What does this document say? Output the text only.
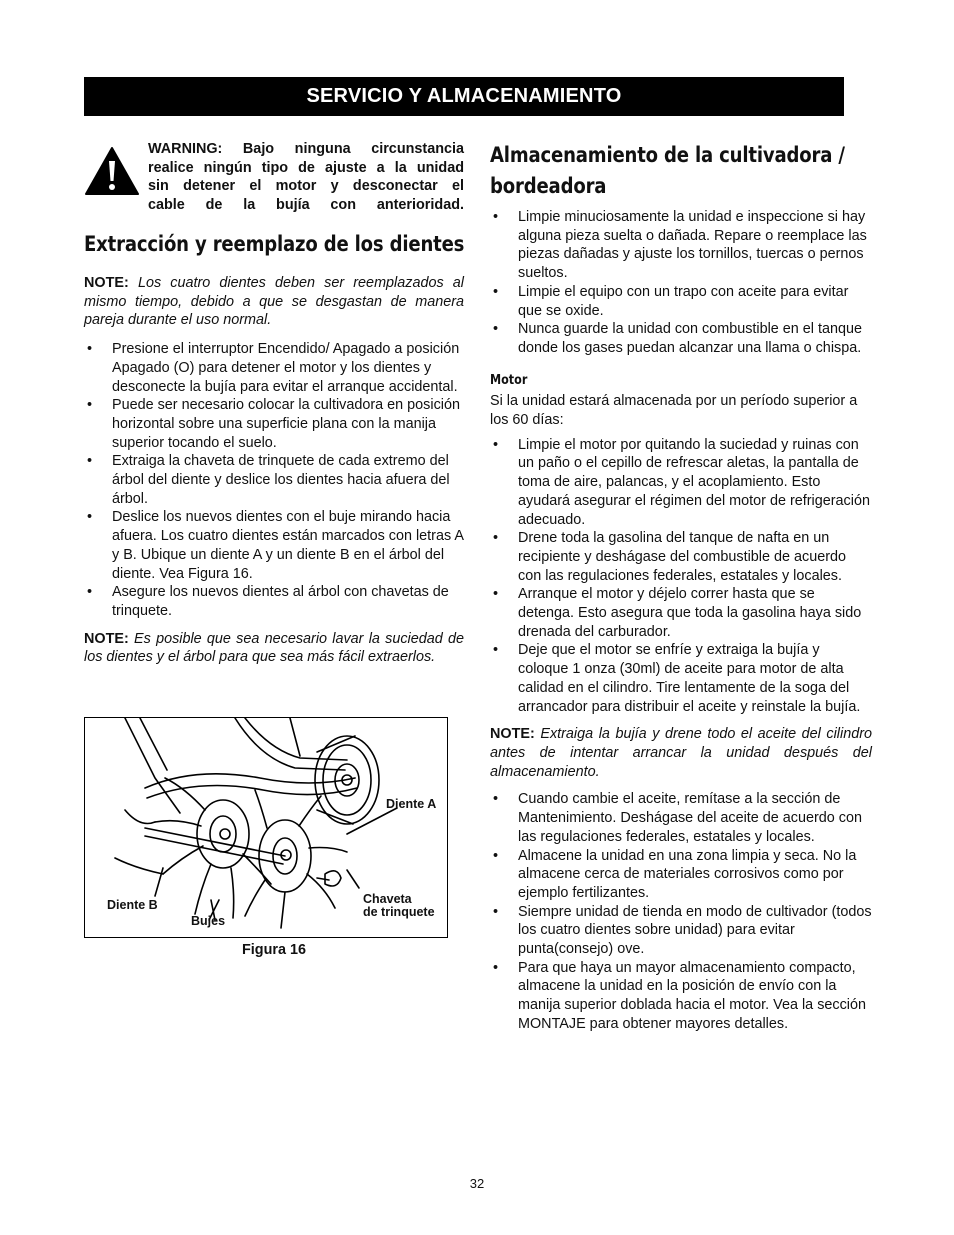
SERVICIO Y ALMACENAMIENTO
WARNING: Bajo ninguna circunstancia
realice ningún tipo de ajuste a la unidad
sin detener el motor y desconectar el
cable de la bujía con anterioridad.
Extracción y reemplazo de los dientes

NOTE: Los cuatro dientes deben ser reemplazados al mismo tiempo, debido a que se desgastan de manera pareja durante el uso normal.

• Presione el interruptor Encendido/ Apagado a posición Apagado (O) para detener el motor y los dientes y desconecte la bujía para evitar el arranque accidental.
• Puede ser necesario colocar la cultivadora en posición horizontal sobre una superficie plana con la manija superior tocando el suelo.
• Extraiga la chaveta de trinquete de cada extremo del árbol del diente y deslice los dientes hacia afuera del árbol.
• Deslice los nuevos dientes con el buje mirando hacia afuera. Los cuatro dientes están marcados con letras A y B. Ubique un diente A y un diente B en el árbol del diente. Vea Figura 16.
• Asegure los nuevos dientes al árbol con chavetas de trinquete.

NOTE: Es posible que sea necesario lavar la suciedad de los dientes y el árbol para que sea más fácil extraerlos.

Diente A
Diente B
Bujes
Chaveta
de trinquete
Figura 16
Almacenamiento de la cultivadora /
bordeadora
• Limpie minuciosamente la unidad e inspeccione si hay alguna pieza suelta o dañada. Repare o reemplace las piezas dañadas y ajuste los tornillos, tuercas o pernos sueltos.
• Limpie el equipo con un trapo con aceite para evitar que se oxide.
• Nunca guarde la unidad con combustible en el tanque donde los gases puedan alcanzar una llama o chispa.
Motor

Si la unidad estará almacenada por un período superior a los 60 días:

• Limpie el motor por quitando la suciedad y ruinas con un paño o el cepillo de refrescar aletas, la pantalla de toma de aire, palancas, y el acoplamiento. Esto ayudará asegurar el régimen del motor de refrigeración adecuado.
• Drene toda la gasolina del tanque de nafta en un recipiente y deshágase del combustible de acuerdo con las regulaciones federales, estatales y locales.
• Arranque el motor y déjelo correr hasta que se detenga. Esto asegura que toda la gasolina haya sido drenada del carburador.
• Deje que el motor se enfríe y extraiga la bujía y coloque 1 onza (30ml) de aceite para motor de alta calidad en el cilindro. Tire lentamente de la soga del arrancador para distribuir el aceite y reinstale la bujía.

NOTE: Extraiga la bujía y drene todo el aceite del cilindro antes de intentar arrancar la unidad después del almacenamiento.

• Cuando cambie el aceite, remítase a la sección de Mantenimiento. Deshágase del aceite de acuerdo con las regulaciones federales, estatales y locales.
• Almacene la unidad en una zona limpia y seca. No la almacene cerca de materiales corrosivos como por ejemplo fertilizantes.
• Siempre unidad de tienda en modo de cultivador (todos los cuatro dientes sobre unidad) para evitar punta(consejo) ove.
• Para que haya un mayor almacenamiento compacto, almacene la unidad en la posición de envío con la manija superior doblada hacia el motor. Vea la sección MONTAJE para obtener mayores detalles.
32
